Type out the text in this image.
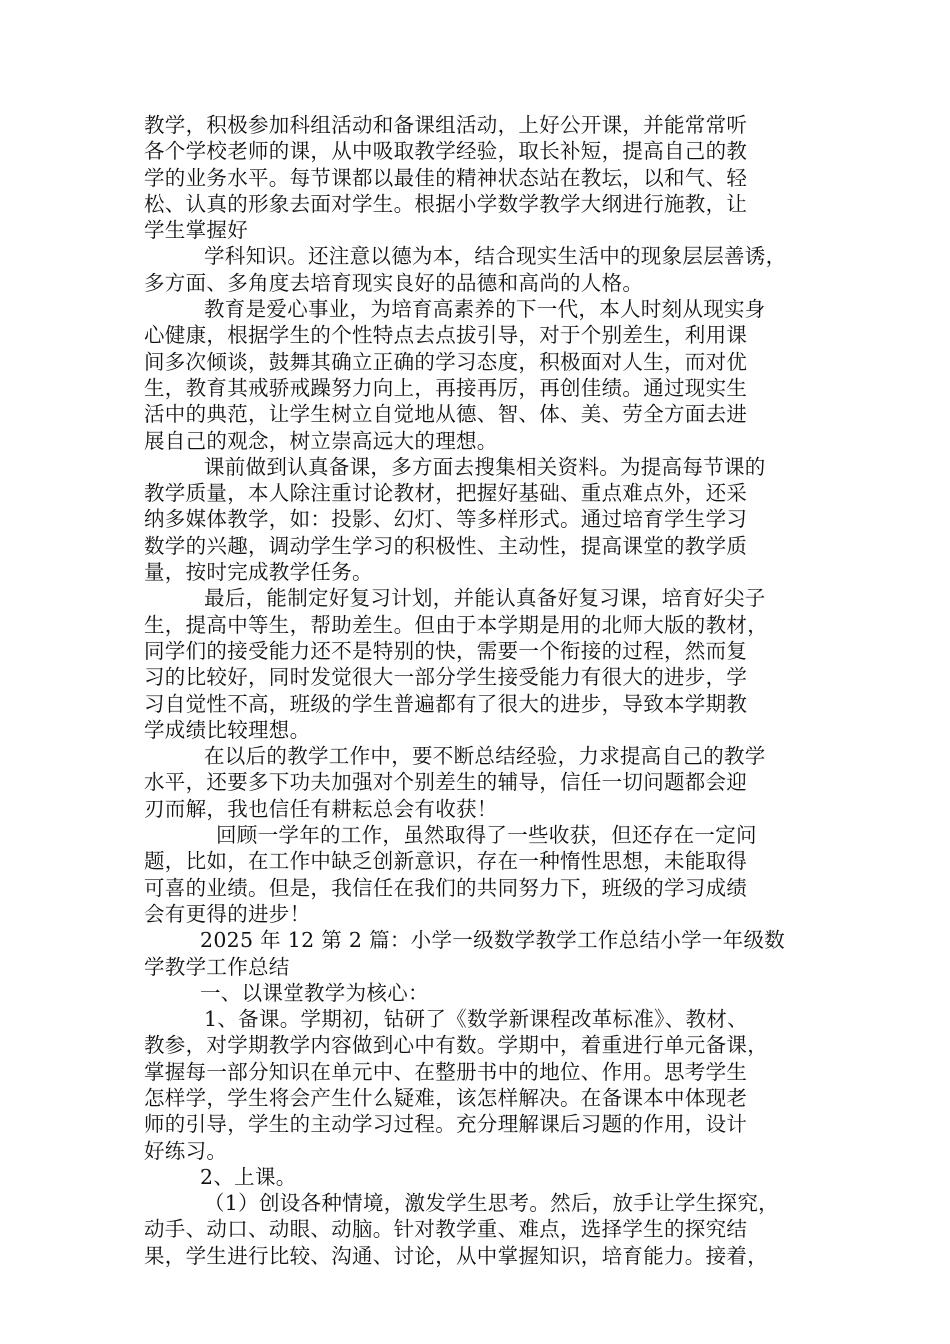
教学，积极参加科组活动和备课组活动，上好公开课，并能常常听
各个学校老师的课，从中吸取教学经验，取长补短，提高自己的教
学的业务水平。每节课都以最佳的精神状态站在教坛，以和气、轻
松、认真的形象去面对学生。根据小学数学教学大纲进行施教，让
学生掌握好
学科知识。还注意以德为本，结合现实生活中的现象层层善诱，
多方面、多角度去培育现实良好的品德和高尚的人格。
教育是爱心事业，为培育高素养的下一代，本人时刻从现实身
心健康，根据学生的个性特点去点拔引导，对于个别差生，利用课
间多次倾谈，鼓舞其确立正确的学习态度，积极面对人生，而对优
生，教育其戒骄戒躁努力向上，再接再厉，再创佳绩。通过现实生
活中的典范，让学生树立自觉地从德、智、体、美、劳全方面去进
展自己的观念，树立崇高远大的理想。
课前做到认真备课，多方面去搜集相关资料。为提高每节课的
教学质量，本人除注重讨论教材，把握好基础、重点难点外，还采
纳多媒体教学，如：投影、幻灯、等多样形式。通过培育学生学习
数学的兴趣，调动学生学习的积极性、主动性，提高课堂的教学质
量，按时完成教学任务。
最后，能制定好复习计划，并能认真备好复习课，培育好尖子
生，提高中等生，帮助差生。但由于本学期是用的北师大版的教材，
同学们的接受能力还不是特别的快，需要一个衔接的过程，然而复
习的比较好，同时发觉很大一部分学生接受能力有很大的进步，学
习自觉性不高，班级的学生普遍都有了很大的进步，导致本学期教
学成绩比较理想。
在以后的教学工作中，要不断总结经验，力求提高自己的教学
水平，还要多下功夫加强对个别差生的辅导，信任一切问题都会迎
刃而解，我也信任有耕耘总会有收获！
回顾一学年的工作，虽然取得了一些收获，但还存在一定问
题，比如，在工作中缺乏创新意识，存在一种惰性思想，未能取得
可喜的业绩。但是，我信任在我们的共同努力下，班级的学习成绩
会有更得的进步！
2025 年 12 第 2 篇：小学一级数学教学工作总结小学一年级数
学教学工作总结
一、以课堂教学为核心：
1、备课。学期初，钻研了《数学新课程改革标准》、教材、
教参，对学期教学内容做到心中有数。学期中，着重进行单元备课，
掌握每一部分知识在单元中、在整册书中的地位、作用。思考学生
怎样学，学生将会产生什么疑难，该怎样解决。在备课本中体现老
师的引导，学生的主动学习过程。充分理解课后习题的作用，设计
好练习。
2、上课。
（1）创设各种情境，激发学生思考。然后，放手让学生探究，
动手、动口、动眼、动脑。针对教学重、难点，选择学生的探究结
果，学生进行比较、沟通、讨论，从中掌握知识，培育能力。接着，
